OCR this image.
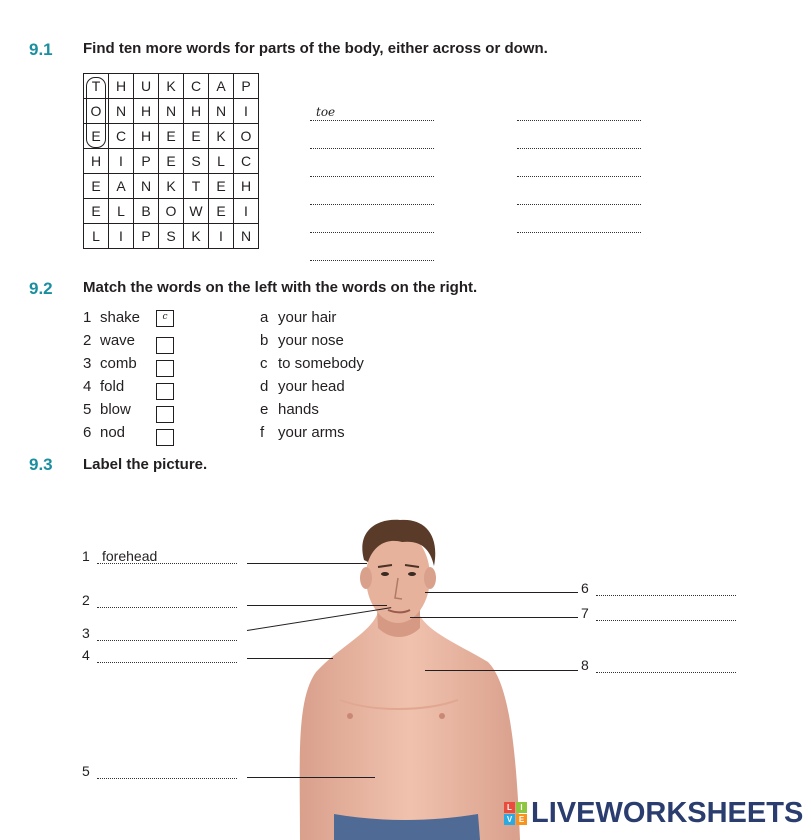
9.1 Find ten more words for parts of the body, either across or down.
T	H	U	K	C	A	P
O	N	H	N	H	N	I
E	C	H	E	E	K	O
H	I	P	E	S	L	C
E	A	N	K	T	E	H
E	L	B	O	W	E	I
L	I	P	S	K	I	N
toe
9.2 Match the words on the left with the words on the right.
1 shake	c
2 wave
3 comb
4 fold
5 blow
6 nod
a your hair
b your nose
c to somebody
d your head
e hands
f your arms
9.3 Label the picture.
1 forehead
2
3
4
5
6
7
8
L	I
V E LIVEWORKSHEETS
